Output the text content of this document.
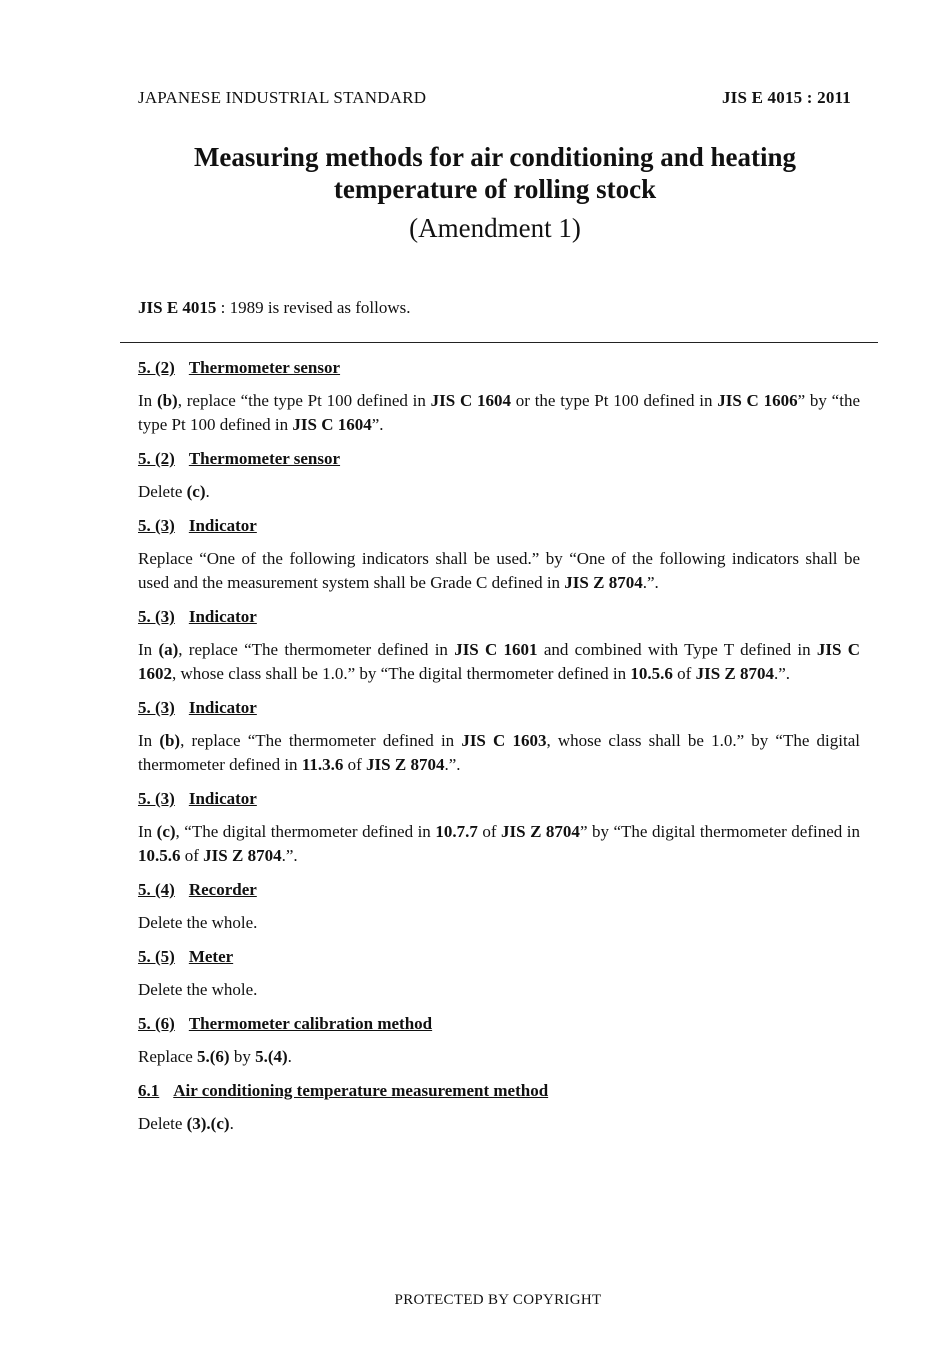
JAPANESE INDUSTRIAL STANDARD	JIS E 4015 : 2011
Measuring methods for air conditioning and heating
temperature of rolling stock
(Amendment 1)
JIS E 4015 : 1989 is revised as follows.
5. (2) Thermometer sensor
In (b), replace “the type Pt 100 defined in JIS C 1604 or the type Pt 100 defined in JIS C 1606” by “the type Pt 100 defined in JIS C 1604”.
5. (2) Thermometer sensor
Delete (c).
5. (3) Indicator
Replace “One of the following indicators shall be used.” by “One of the following indicators shall be used and the measurement system shall be Grade C defined in JIS Z 8704.”.
5. (3) Indicator
In (a), replace “The thermometer defined in JIS C 1601 and combined with Type T defined in JIS C 1602, whose class shall be 1.0.” by “The digital thermometer defined in 10.5.6 of JIS Z 8704.”.
5. (3) Indicator
In (b), replace “The thermometer defined in JIS C 1603, whose class shall be 1.0.” by “The digital thermometer defined in 11.3.6 of JIS Z 8704.”.
5. (3) Indicator
In (c), “The digital thermometer defined in 10.7.7 of JIS Z 8704” by “The digital thermometer defined in 10.5.6 of JIS Z 8704.”.
5. (4) Recorder
Delete the whole.
5. (5) Meter
Delete the whole.
5. (6) Thermometer calibration method
Replace 5.(6) by 5.(4).
6.1 Air conditioning temperature measurement method
Delete (3).(c).
PROTECTED BY COPYRIGHT
